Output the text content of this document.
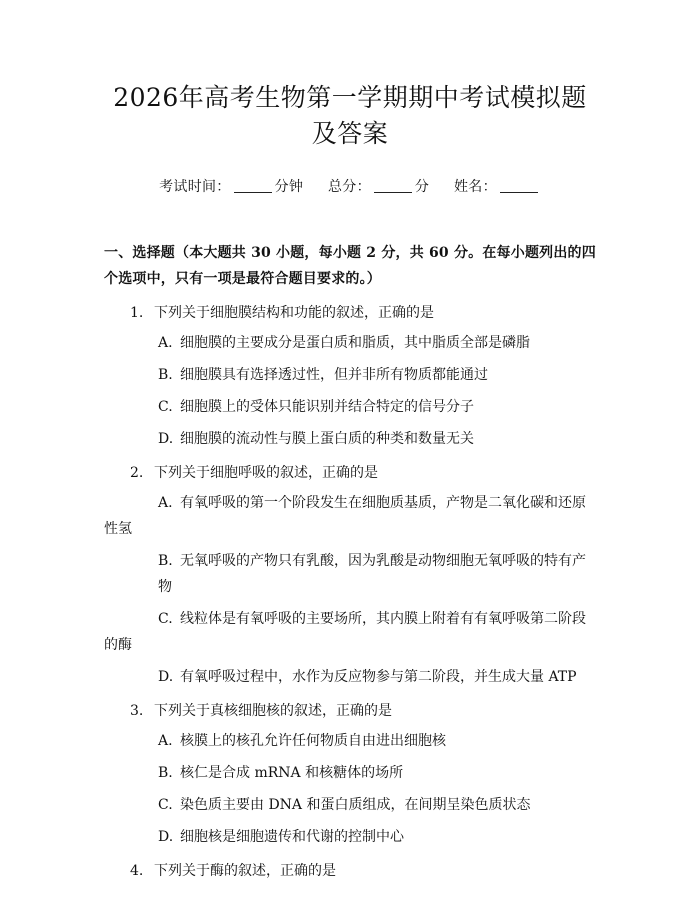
2026年高考生物第一学期期中考试模拟题及答案
考试时间：	分钟 总分：	分 姓名：
一、选择题（本大题共 30 小题，每小题 2 分，共 60 分。在每小题列出的四个选项中，只有一项是最符合题目要求的。）
1. 下列关于细胞膜结构和功能的叙述，正确的是
A. 细胞膜的主要成分是蛋白质和脂质，其中脂质全部是磷脂
B. 细胞膜具有选择透过性，但并非所有物质都能通过
C. 细胞膜上的受体只能识别并结合特定的信号分子
D. 细胞膜的流动性与膜上蛋白质的种类和数量无关
2. 下列关于细胞呼吸的叙述，正确的是
A. 有氧呼吸的第一个阶段发生在细胞质基质，产物是二氧化碳和还原性氢
B. 无氧呼吸的产物只有乳酸，因为乳酸是动物细胞无氧呼吸的特有产物
C. 线粒体是有氧呼吸的主要场所，其内膜上附着有有氧呼吸第二阶段的酶
D. 有氧呼吸过程中，水作为反应物参与第二阶段，并生成大量 ATP
3. 下列关于真核细胞核的叙述，正确的是
A. 核膜上的核孔允许任何物质自由进出细胞核
B. 核仁是合成 mRNA 和核糖体的场所
C. 染色质主要由 DNA 和蛋白质组成，在间期呈染色质状态
D. 细胞核是细胞遗传和代谢的控制中心
4. 下列关于酶的叙述，正确的是
